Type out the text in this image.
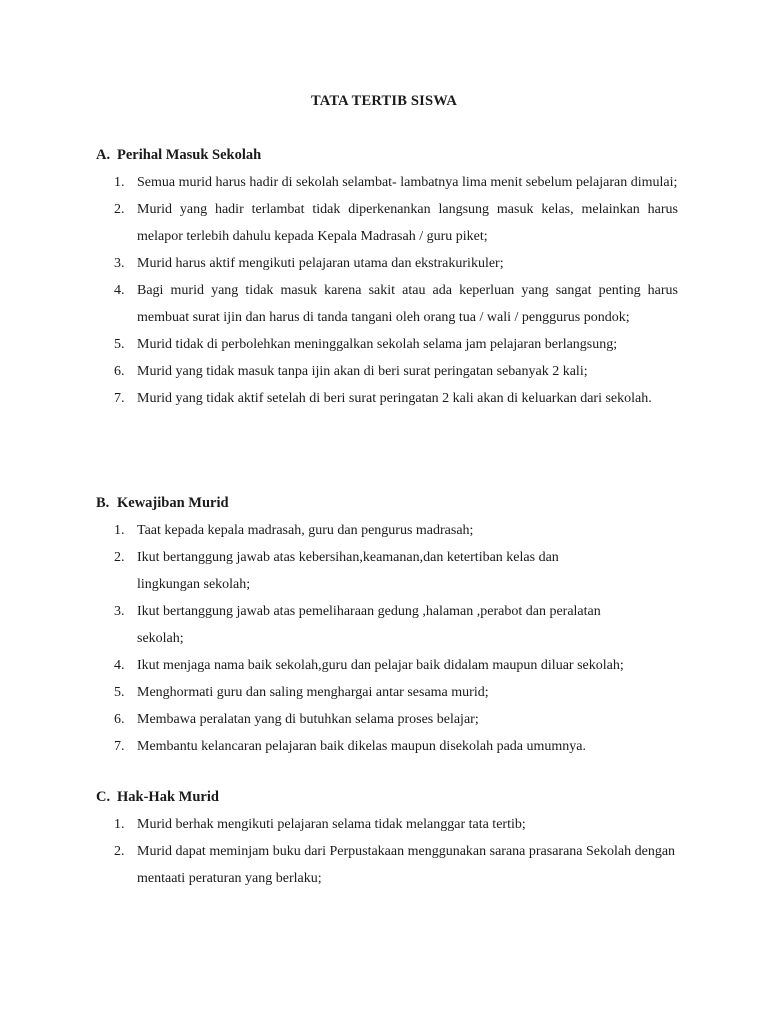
TATA TERTIB SISWA
A. Perihal Masuk Sekolah
1. Semua murid harus hadir di sekolah selambat- lambatnya lima menit sebelum pelajaran dimulai;
2. Murid yang hadir terlambat tidak diperkenankan langsung masuk kelas, melainkan harus melapor terlebih dahulu kepada Kepala Madrasah / guru piket;
3. Murid harus aktif mengikuti pelajaran utama dan ekstrakurikuler;
4. Bagi murid yang tidak masuk karena sakit atau ada keperluan yang sangat penting harus membuat surat ijin dan harus di tanda tangani oleh orang tua / wali / penggurus pondok;
5. Murid tidak di perbolehkan meninggalkan sekolah selama jam pelajaran berlangsung;
6. Murid yang tidak masuk tanpa ijin akan di beri surat peringatan sebanyak 2 kali;
7. Murid yang tidak aktif setelah di beri surat peringatan 2 kali akan di keluarkan dari sekolah.
B. Kewajiban Murid
1. Taat kepada kepala madrasah, guru dan pengurus madrasah;
2. Ikut bertanggung jawab atas kebersihan,keamanan,dan ketertiban kelas dan lingkungan sekolah;
3. Ikut bertanggung jawab atas pemeliharaan gedung ,halaman ,perabot dan peralatan sekolah;
4. Ikut menjaga nama baik sekolah,guru dan pelajar baik didalam maupun diluar sekolah;
5. Menghormati guru dan saling menghargai antar sesama murid;
6. Membawa peralatan yang di butuhkan selama proses belajar;
7. Membantu kelancaran pelajaran baik dikelas maupun disekolah pada umumnya.
C. Hak-Hak Murid
1. Murid berhak mengikuti pelajaran selama tidak melanggar tata tertib;
2. Murid dapat meminjam buku dari Perpustakaan menggunakan sarana prasarana Sekolah dengan mentaati peraturan yang berlaku;
